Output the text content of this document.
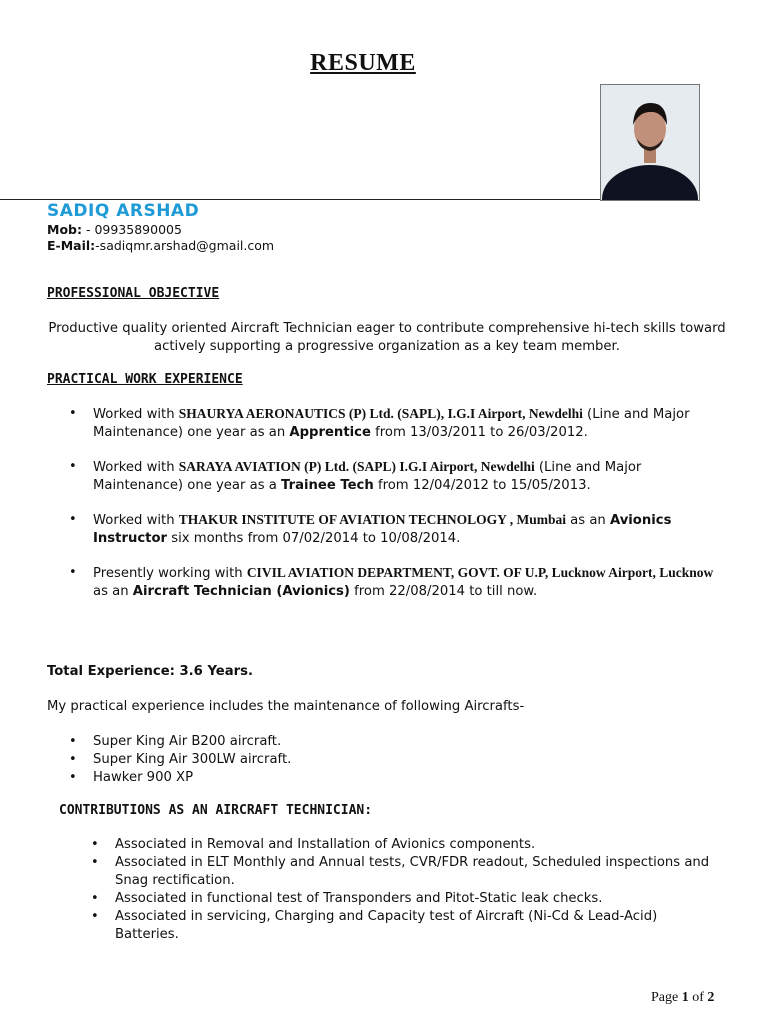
RESUME
SADIQ ARSHAD
Mob: - 09935890005
E-Mail:-sadiqmr.arshad@gmail.com
PROFESSIONAL OBJECTIVE
Productive quality oriented Aircraft Technician eager to contribute comprehensive hi-tech skills toward actively supporting a progressive organization as a key team member.
PRACTICAL WORK EXPERIENCE
• Worked with SHAURYA AERONAUTICS (P) Ltd. (SAPL), I.G.I Airport, Newdelhi (Line and Major Maintenance) one year as an Apprentice from 13/03/2011 to 26/03/2012.
• Worked with SARAYA AVIATION (P) Ltd. (SAPL) I.G.I Airport, Newdelhi (Line and Major Maintenance) one year as a Trainee Tech from 12/04/2012 to 15/05/2013.
• Worked with THAKUR INSTITUTE OF AVIATION TECHNOLOGY , Mumbai as an Avionics Instructor six months from 07/02/2014 to 10/08/2014.
• Presently working with CIVIL AVIATION DEPARTMENT, GOVT. OF U.P, Lucknow Airport, Lucknow as an Aircraft Technician (Avionics) from 22/08/2014 to till now.
Total Experience: 3.6 Years.
My practical experience includes the maintenance of following Aircrafts-
• Super King Air B200 aircraft.
• Super King Air 300LW aircraft.
• Hawker 900 XP
CONTRIBUTIONS AS AN AIRCRAFT TECHNICIAN:
• Associated in Removal and Installation of Avionics components.
• Associated in ELT Monthly and Annual tests, CVR/FDR readout, Scheduled inspections and Snag rectification.
• Associated in functional test of Transponders and Pitot-Static leak checks.
• Associated in servicing, Charging and Capacity test of Aircraft (Ni-Cd & Lead-Acid) Batteries.
Page 1 of 2
